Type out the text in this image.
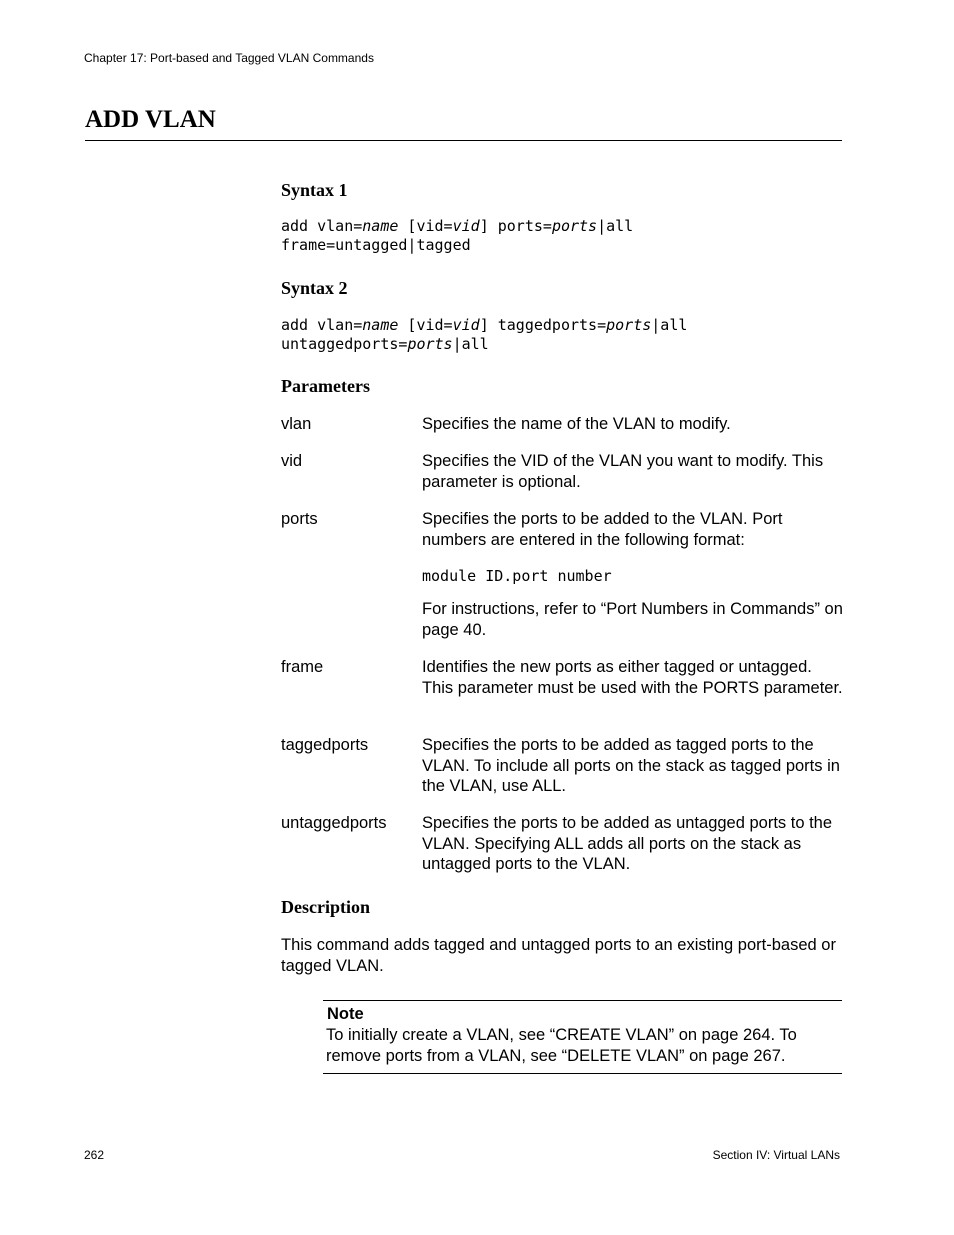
Chapter 17: Port-based and Tagged VLAN Commands
ADD VLAN
Syntax 1
add vlan=name [vid=vid] ports=ports|all
frame=untagged|tagged
Syntax 2
add vlan=name [vid=vid] taggedports=ports|all
untaggedports=ports|all
Parameters
vlan	Specifies the name of the VLAN to modify.
vid	Specifies the VID of the VLAN you want to modify. This parameter is optional.
ports	Specifies the ports to be added to the VLAN. Port numbers are entered in the following format:
module ID.port number
For instructions, refer to “Port Numbers in Commands” on page 40.
frame	Identifies the new ports as either tagged or untagged. This parameter must be used with the PORTS parameter.
taggedports	Specifies the ports to be added as tagged ports to the VLAN. To include all ports on the stack as tagged ports in the VLAN, use ALL.
untaggedports Specifies the ports to be added as untagged ports to the VLAN. Specifying ALL adds all ports on the stack as untagged ports to the VLAN.
Description
This command adds tagged and untagged ports to an existing port-based or tagged VLAN.
Note
To initially create a VLAN, see “CREATE VLAN” on page 264. To remove ports from a VLAN, see “DELETE VLAN” on page 267.
262	Section IV: Virtual LANs
